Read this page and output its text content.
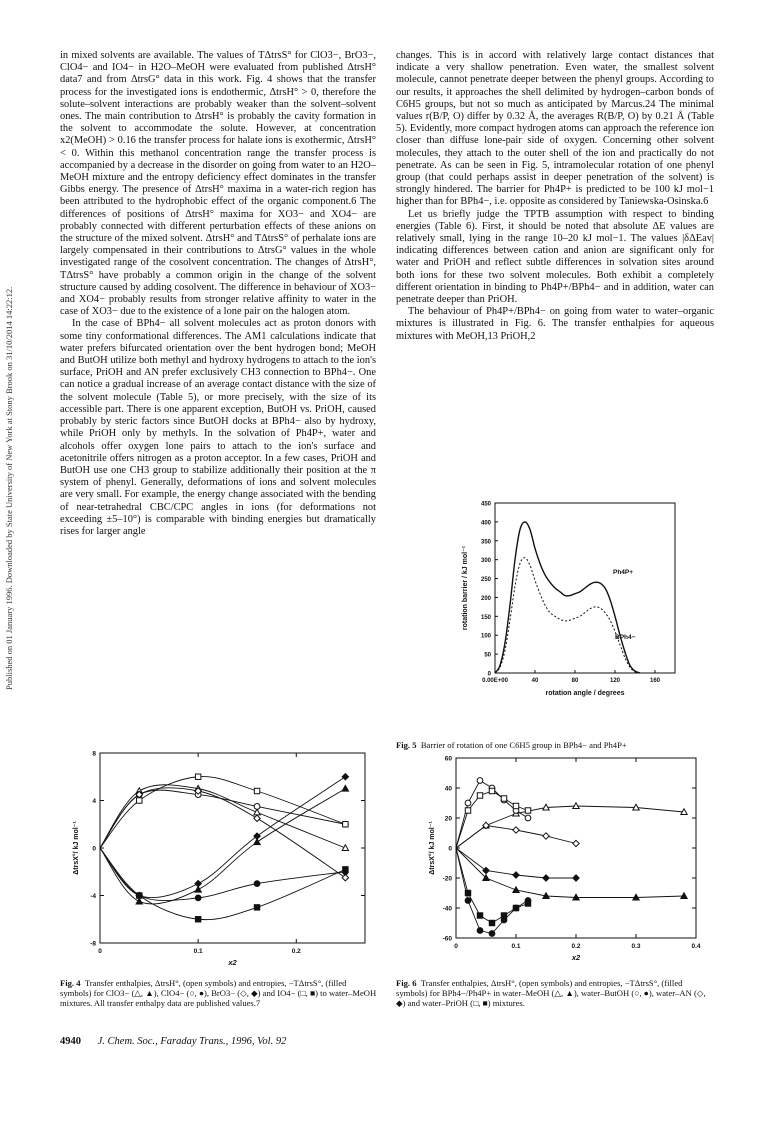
Published on 01 January 1996. Downloaded by State University of New York at Stony Brook on 31/10/2014 14:22:12.

in mixed solvents are available. The values of TΔtrsS° for ClO3−, BrO3−, ClO4− and IO4− in H2O–MeOH were evaluated from published ΔtrsH° data7 and from ΔtrsG° data in this work. Fig. 4 shows that the transfer process for the investigated ions is endothermic, ΔtrsH° > 0, therefore the solute–solvent interactions are probably weaker than the solvent–solvent ones. The main contribution to ΔtrsH° is probably the cavity formation in the solvent to accommodate the solute. However, at concentration x2(MeOH) > 0.16 the transfer process for halate ions is exothermic, ΔtrsH° < 0. Within this methanol concentration range the transfer process is accompanied by a decrease in the disorder on going from water to an H2O–MeOH mixture and the entropy deficiency effect dominates in the transfer Gibbs energy. The presence of ΔtrsH° maxima in a water-rich region has been attributed to the hydrophobic effect of the organic component.6 The differences of positions of ΔtrsH° maxima for XO3− and XO4− are probably connected with different perturbation effects of these anions on the structure of the mixed solvent. ΔtrsH° and TΔtrsS° of perhalate ions are largely compensated in their contributions to ΔtrsG° values in the whole investigated range of the cosolvent concentration. The changes of ΔtrsH°, TΔtrsS° have probably a common origin in the change of the solvent structure caused by adding cosolvent. The difference in behaviour of XO3− and XO4− probably results from stronger relative affinity to water in the case of XO3− due to the existence of a lone pair on the halogen atom.

In the case of BPh4− all solvent molecules act as proton donors with some tiny conformational differences. The AM1 calculations indicate that water prefers bifurcated orientation over the bent hydrogen bond; MeOH and ButOH utilize both methyl and hydroxy hydrogens to attach to the ion's surface, PriOH and AN prefer exclusively CH3 connection to BPh4−. One can notice a gradual increase of an average contact distance with the size of the solvent molecule (Table 5), or more precisely, with the size of its accessible part. There is one apparent exception, ButOH vs. PriOH, caused probably by steric factors since ButOH docks at BPh4− also by hydroxy, while PriOH only by methyls. In the solvation of Ph4P+, water and alcohols offer oxygen lone pairs to attach to the ion's surface and acetonitrile offers nitrogen as a proton acceptor. In a few cases, PriOH and ButOH use one CH3 group to stabilize additionally their position at the π system of phenyl. Generally, deformations of ions and solvent molecules are very small. For example, the energy change associated with the bending of near-tetrahedral CBC/CPC angles in ions (for deformations not exceeding ±5–10°) is comparable with binding energies but dramatically rises for larger angle

changes. This is in accord with relatively large contact distances that indicate a very shallow penetration. Even water, the smallest solvent molecule, cannot penetrate deeper between the phenyl groups. According to our results, it approaches the shell delimited by hydrogen–carbon bonds of C6H5 groups, but not so much as anticipated by Marcus.24 The minimal values r(B/P, O) differ by 0.32 Å, the averages R(B/P, O) by 0.21 Å (Table 5). Evidently, more compact hydrogen atoms can approach the reference ion closer than diffuse lone-pair side of oxygen. Concerning other solvent molecules, they attach to the outer shell of the ion and practically do not penetrate. As can be seen in Fig. 5, intramolecular rotation of one phenyl group (that could perhaps assist in deeper penetration of the solvent) is strongly hindered. The barrier for Ph4P+ is predicted to be 100 kJ mol−1 higher than for BPh4−, i.e. opposite as considered by Taniewska-Osinska.6

Let us briefly judge the TPTB assumption with respect to binding energies (Table 6). First, it should be noted that absolute ΔE values are relatively small, lying in the range 10–20 kJ mol−1. The values |δΔEav| indicating differences between cation and anion are significant only for water and PriOH and reflect subtle differences in solvation sites around both ions for these two solvent molecules. Both exhibit a completely different orientation in binding to Ph4P+/BPh4− and in addition, water can penetrate deeper than PriOH.

The behaviour of Ph4P+/BPh4− on going from water to water–organic mixtures is illustrated in Fig. 6. The transfer enthalpies for aqueous mixtures with MeOH,13 PriOH,2

0
50
100
150
200
250
300
350
400
450
0.00E+00	40	80	120	160
rotation angle / degrees
rotation barrier / kJ mol⁻¹	Ph4P+
BPh4−
Fig. 5 Barrier of rotation of one C6H5 group in BPh4− and Ph4P+
-8
-4
0
4
8
0	0.1	0.2
x2
ΔtrsX°/ kJ mol⁻¹
Fig. 4 Transfer enthalpies, ΔtrsH°, (open symbols) and entropies, −TΔtrsS°, (filled symbols) for ClO3− (△, ▲), ClO4− (○, ●), BrO3− (◇, ◆) and IO4− (□, ■) to water–MeOH mixtures. All transfer enthalpy data are published values.7
-60
-40
-20
0
20
40
60
0	0.1	0.2	0.3	0.4
x2
ΔtrsX°/ kJ mol⁻¹
Fig. 6 Transfer enthalpies, ΔtrsH°, (open symbols) and entropies, −TΔtrsS°, (filled symbols) for BPh4−/Ph4P+ in water–MeOH (△, ▲), water–ButOH (○, ●), water–AN (◇, ◆) and water–PriOH (□, ■) mixtures.
4940 J. Chem. Soc., Faraday Trans., 1996, Vol. 92
